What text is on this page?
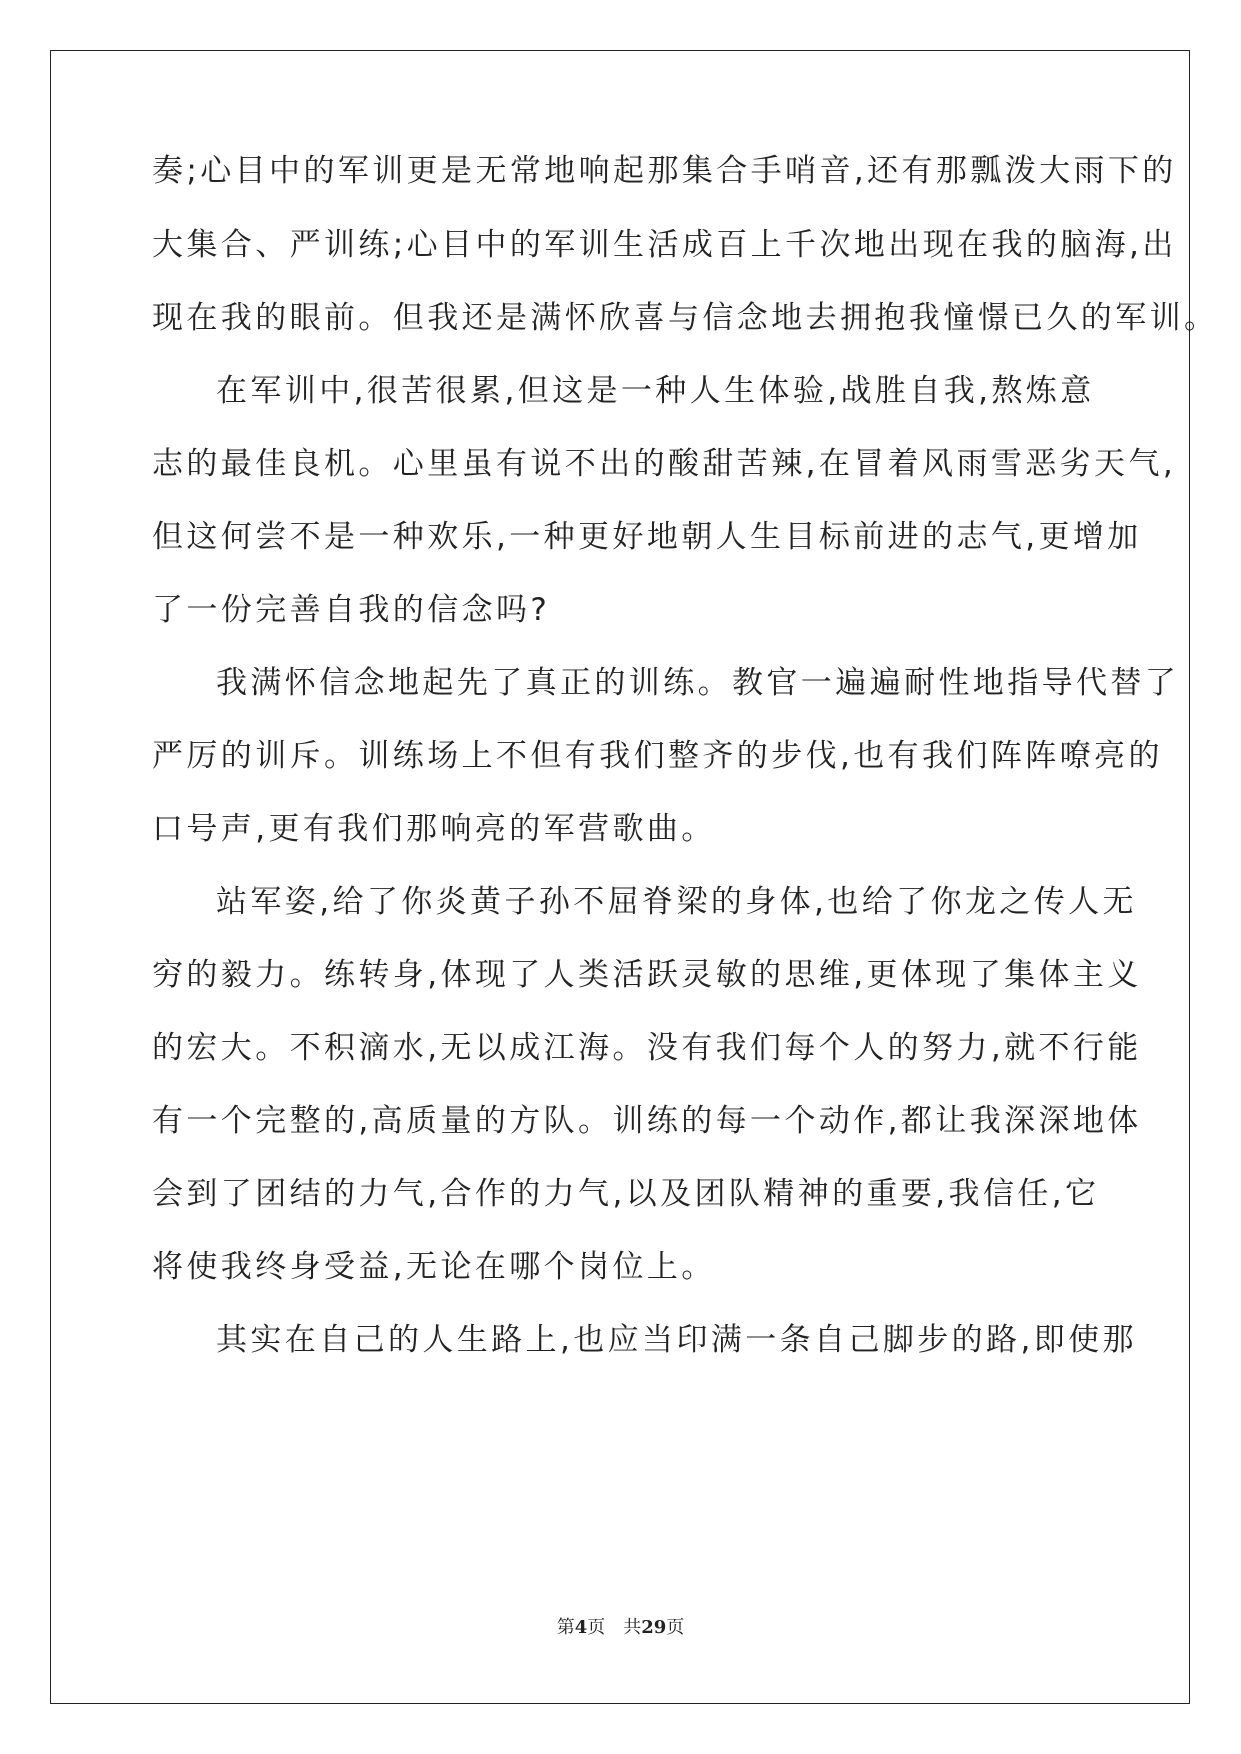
奏;心目中的军训更是无常地响起那集合手哨音,还有那瓢泼大雨下的
大集合、严训练;心目中的军训生活成百上千次地出现在我的脑海,出
现在我的眼前。但我还是满怀欣喜与信念地去拥抱我憧憬已久的军训。
在军训中,很苦很累,但这是一种人生体验,战胜自我,熬炼意
志的最佳良机。心里虽有说不出的酸甜苦辣,在冒着风雨雪恶劣天气,
但这何尝不是一种欢乐,一种更好地朝人生目标前进的志气,更增加
了一份完善自我的信念吗?
我满怀信念地起先了真正的训练。教官一遍遍耐性地指导代替了
严厉的训斥。训练场上不但有我们整齐的步伐,也有我们阵阵嘹亮的
口号声,更有我们那响亮的军营歌曲。
站军姿,给了你炎黄子孙不屈脊梁的身体,也给了你龙之传人无
穷的毅力。练转身,体现了人类活跃灵敏的思维,更体现了集体主义
的宏大。不积滴水,无以成江海。没有我们每个人的努力,就不行能
有一个完整的,高质量的方队。训练的每一个动作,都让我深深地体
会到了团结的力气,合作的力气,以及团队精神的重要,我信任,它
将使我终身受益,无论在哪个岗位上。
其实在自己的人生路上,也应当印满一条自己脚步的路,即使那
第4页 共29页
